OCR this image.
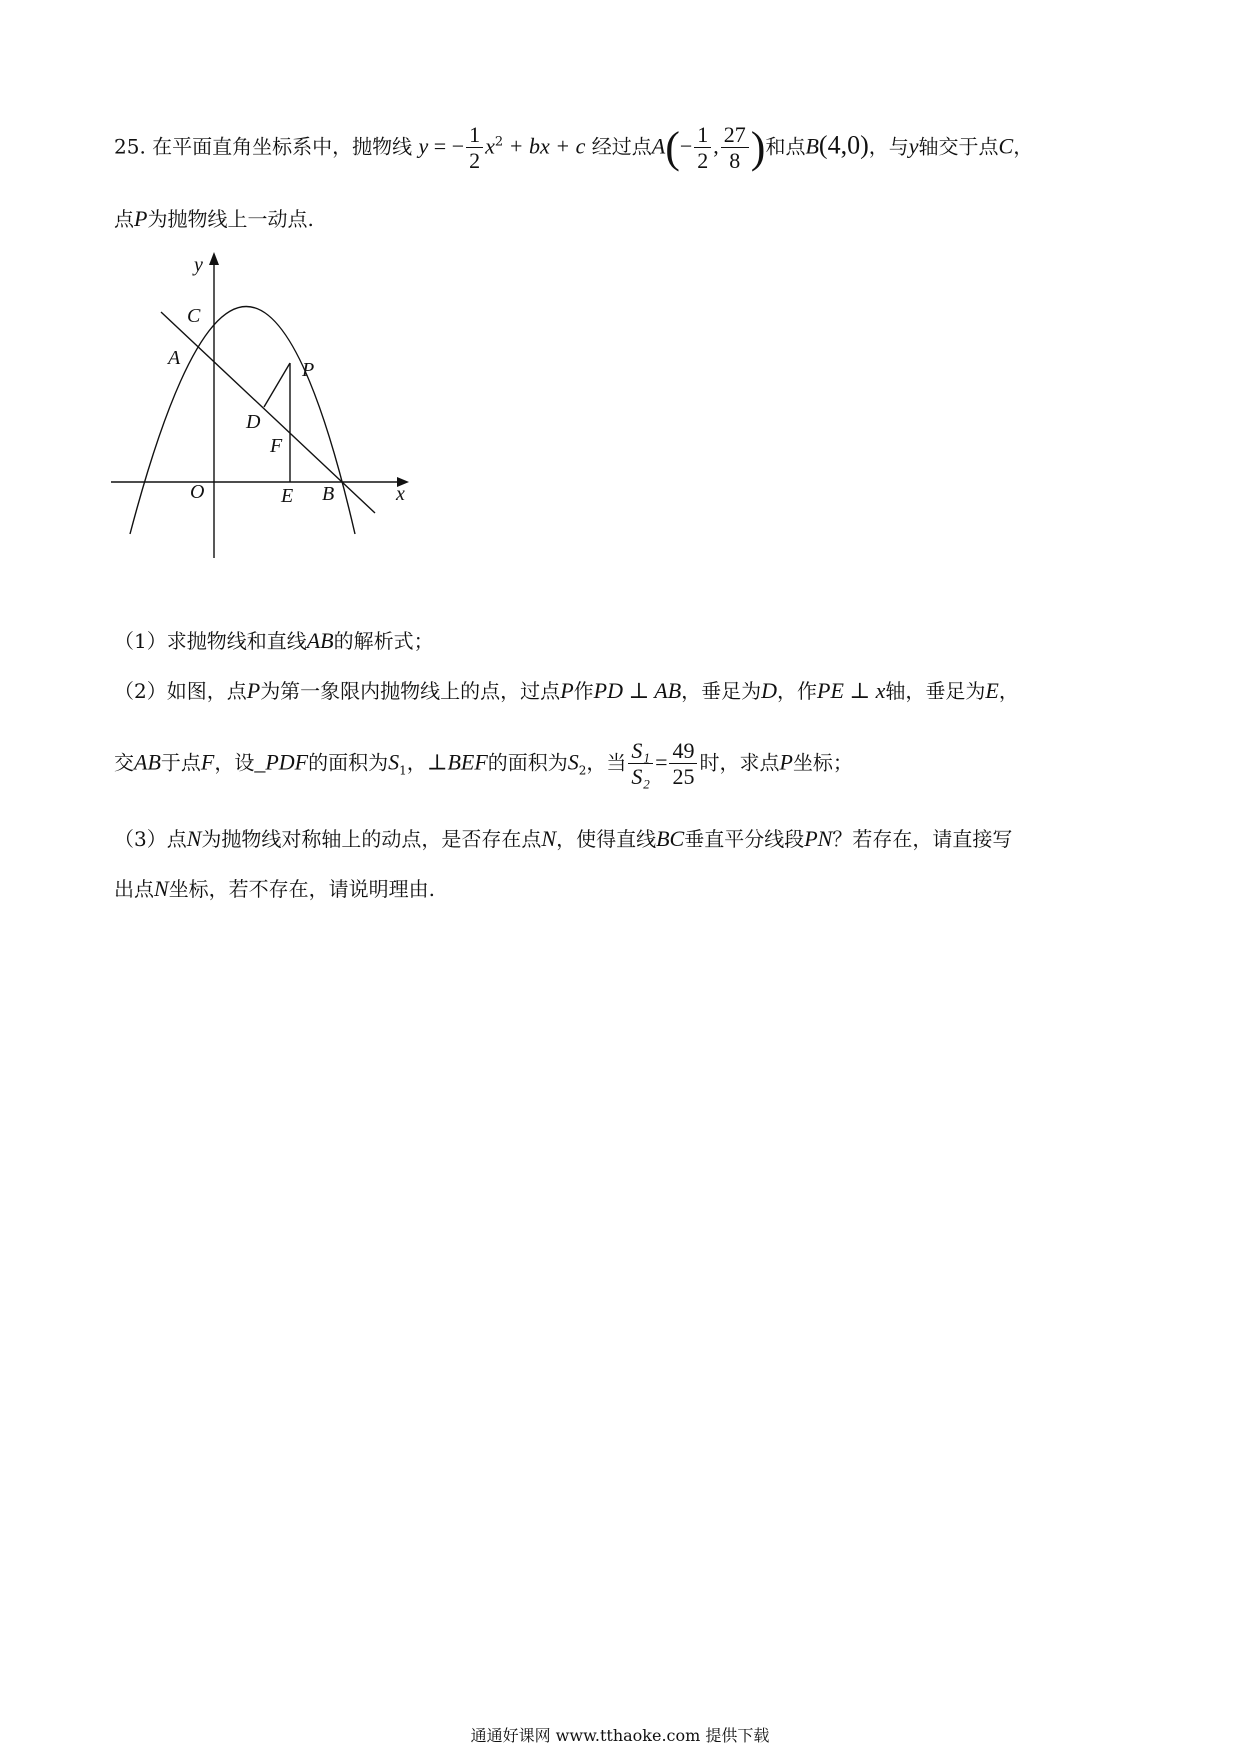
25. 在平面直角坐标系中，抛物线 y = − $\frac{1}{2} x^2$ + bx + c 经过点$A(- \frac{1}{2}$ , $\frac{27}{8}$ )和点B(4,0)，与y轴交于点C，
点P为抛物线上一动点.
y
x
O
C
A
P
D
F
E B
（1）求抛物线和直线AB的解析式；
（2）如图，点P为第一象限内抛物线上的点，过点P作PD ⊥ AB，垂足为D，作PE ⊥ x轴，垂足为E，
交AB于点F，设_PDF的面积为$S_1$，⊥BEF的面积为$S_2$，当 $\frac{\text{S₁}}{\text{S₂}} = \frac{49}{25}$ 时，求点P坐标；
（3）点N为抛物线对称轴上的动点，是否存在点N，使得直线BC垂直平分线段PN？若存在，请直接写
出点N坐标，若不存在，请说明理由.
通通好课网 www.tthaoke.com 提供下载
